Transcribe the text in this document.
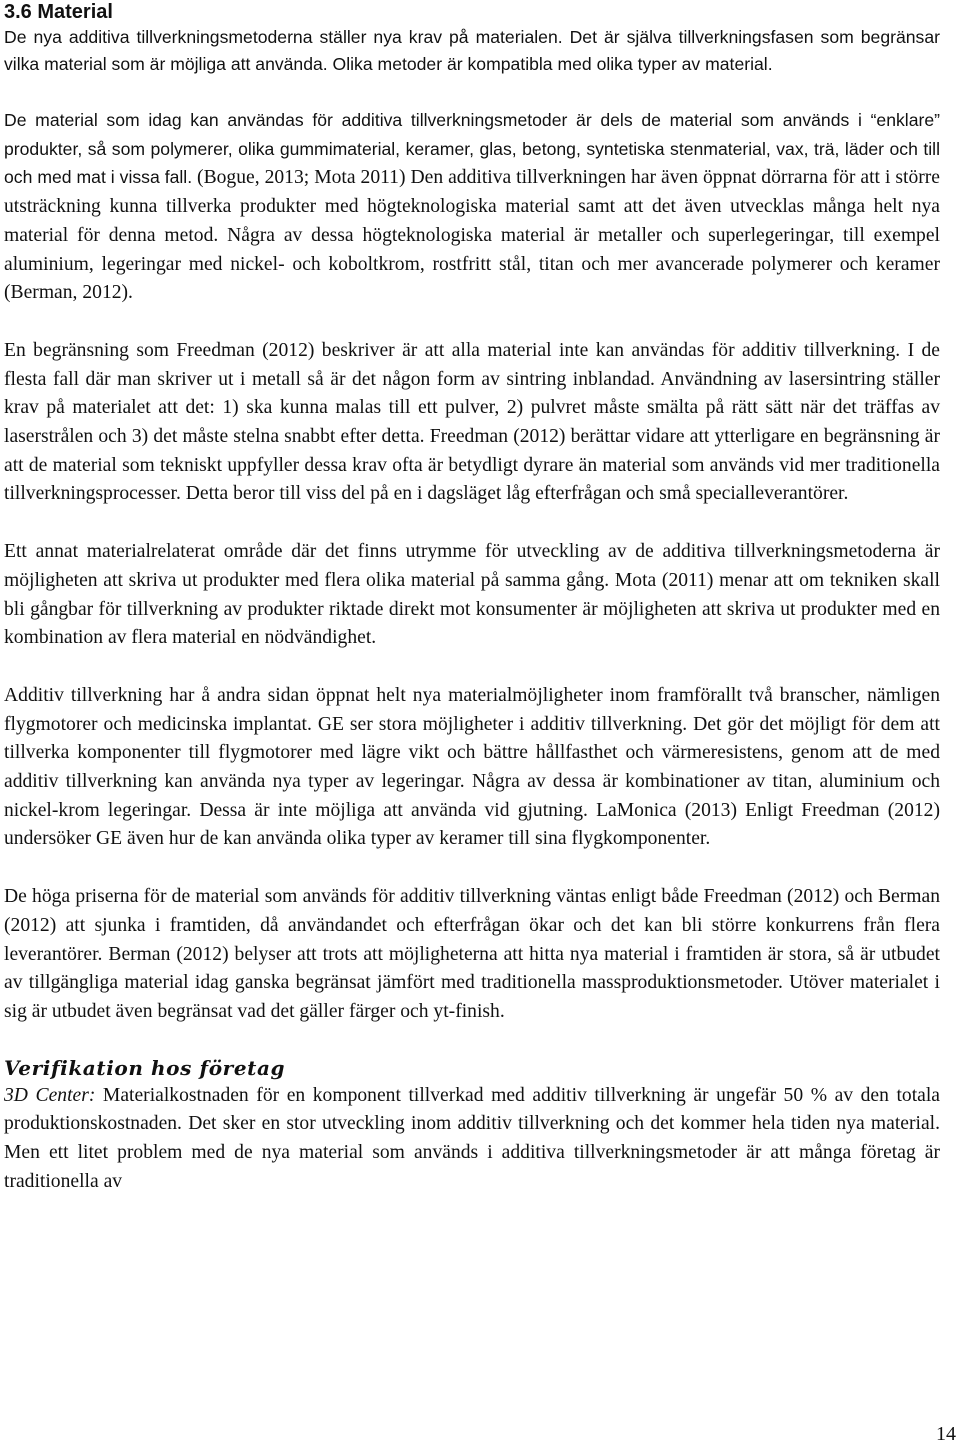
3.6 Material

De nya additiva tillverkningsmetoderna ställer nya krav på materialen. Det är själva tillverkningsfasen som begränsar vilka material som är möjliga att använda. Olika metoder är kompatibla med olika typer av material.

De material som idag kan användas för additiva tillverkningsmetoder är dels de material som används i “enklare” produkter, så som polymerer, olika gummimaterial, keramer, glas, betong, syntetiska stenmaterial, vax, trä, läder och till och med mat i vissa fall. (Bogue, 2013; Mota 2011) Den additiva tillverkningen har även öppnat dörrarna för att i större utsträckning kunna tillverka produkter med högteknologiska material samt att det även utvecklas många helt nya material för denna metod. Några av dessa högteknologiska material är metaller och superlegeringar, till exempel aluminium, legeringar med nickel- och koboltkrom, rostfritt stål, titan och mer avancerade polymerer och keramer (Berman, 2012).

En begränsning som Freedman (2012) beskriver är att alla material inte kan användas för additiv tillverkning. I de flesta fall där man skriver ut i metall så är det någon form av sintring inblandad. Användning av lasersintring ställer krav på materialet att det: 1) ska kunna malas till ett pulver, 2) pulvret måste smälta på rätt sätt när det träffas av laserstrålen och 3) det måste stelna snabbt efter detta. Freedman (2012) berättar vidare att ytterligare en begränsning är att de material som tekniskt uppfyller dessa krav ofta är betydligt dyrare än material som används vid mer traditionella tillverkningsprocesser. Detta beror till viss del på en i dagsläget låg efterfrågan och små specialleverantörer.

Ett annat materialrelaterat område där det finns utrymme för utveckling av de additiva tillverkningsmetoderna är möjligheten att skriva ut produkter med flera olika material på samma gång. Mota (2011) menar att om tekniken skall bli gångbar för tillverkning av produkter riktade direkt mot konsumenter är möjligheten att skriva ut produkter med en kombination av flera material en nödvändighet.

Additiv tillverkning har å andra sidan öppnat helt nya materialmöjligheter inom framförallt två branscher, nämligen flygmotorer och medicinska implantat. GE ser stora möjligheter i additiv tillverkning. Det gör det möjligt för dem att tillverka komponenter till flygmotorer med lägre vikt och bättre hållfasthet och värmeresistens, genom att de med additiv tillverkning kan använda nya typer av legeringar. Några av dessa är kombinationer av titan, aluminium och nickel-krom legeringar. Dessa är inte möjliga att använda vid gjutning. LaMonica (2013) Enligt Freedman (2012) undersöker GE även hur de kan använda olika typer av keramer till sina flygkomponenter.

De höga priserna för de material som används för additiv tillverkning väntas enligt både Freedman (2012) och Berman (2012) att sjunka i framtiden, då användandet och efterfrågan ökar och det kan bli större konkurrens från flera leverantörer. Berman (2012) belyser att trots att möjligheterna att hitta nya material i framtiden är stora, så är utbudet av tillgängliga material idag ganska begränsat jämfört med traditionella massproduktionsmetoder. Utöver materialet i sig är utbudet även begränsat vad det gäller färger och yt-finish.

Verifikation hos företag

3D Center: Materialkostnaden för en komponent tillverkad med additiv tillverkning är ungefär 50 % av den totala produktionskostnaden. Det sker en stor utveckling inom additiv tillverkning och det kommer hela tiden nya material. Men ett litet problem med de nya material som används i additiva tillverkningsmetoder är att många företag är traditionella av

14
